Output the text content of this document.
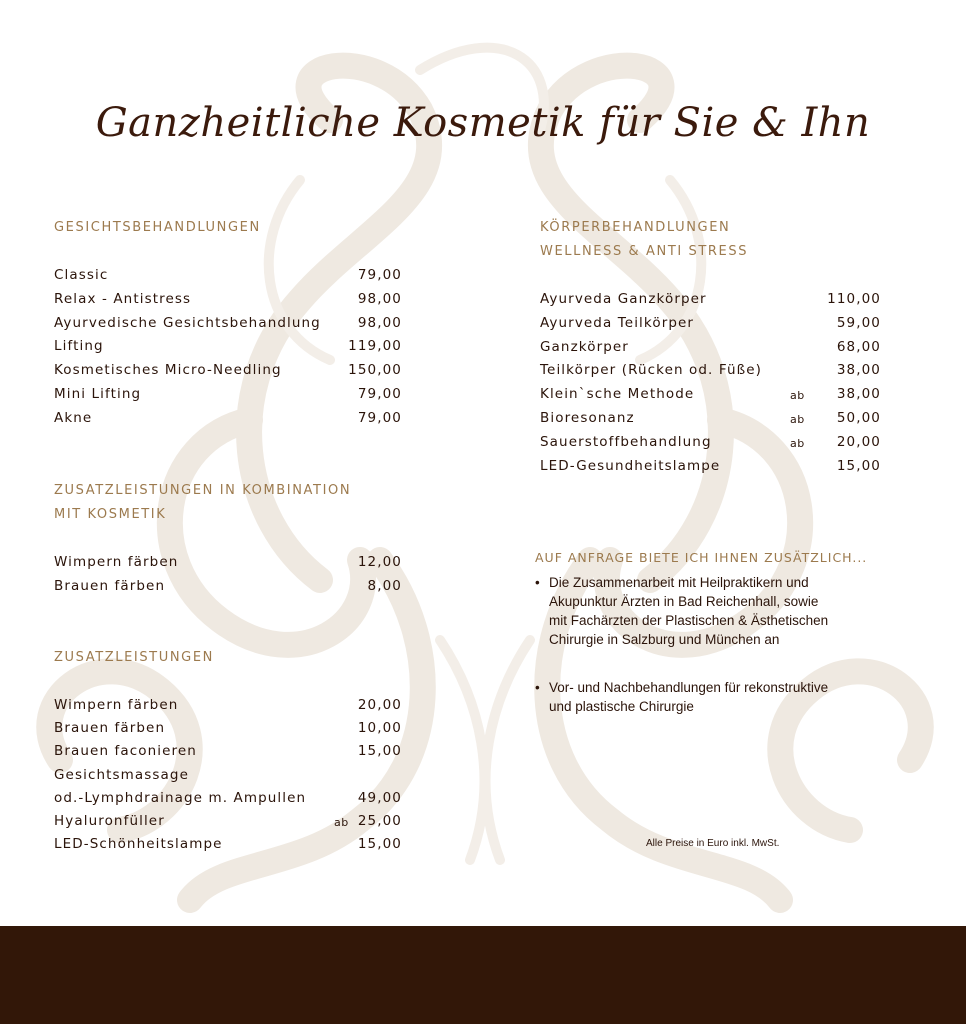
Ganzheitliche Kosmetik für Sie & Ihn
GESICHTSBEHANDLUNGEN
Classic	79,00
Relax - Antistress	98,00
Ayurvedische Gesichtsbehandlung	98,00
Lifting	119,00
Kosmetisches Micro-Needling	150,00
Mini Lifting	79,00
Akne	79,00
ZUSATZLEISTUNGEN IN KOMBINATION
MIT KOSMETIK
Wimpern färben	12,00
Brauen färben	8,00
ZUSATZLEISTUNGEN
Wimpern färben	20,00
Brauen färben	10,00
Brauen faconieren	15,00
Gesichtsmassage
od.-Lymphdrainage m. Ampullen	49,00
Hyaluronfüller	ab 25,00
LED-Schönheitslampe	15,00
KÖRPERBEHANDLUNGEN
WELLNESS & ANTI STRESS
Ayurveda Ganzkörper	110,00
Ayurveda Teilkörper	59,00
Ganzkörper	68,00
Teilkörper (Rücken od. Füße)	38,00
Klein`sche Methode	ab	38,00
Bioresonanz	ab	50,00
Sauerstoffbehandlung	ab	20,00
LED-Gesundheitslampe	15,00
AUF ANFRAGE BIETE ICH IHNEN ZUSÄTZLICH...
• Die Zusammenarbeit mit Heilpraktikern und
Akupunktur Ärzten in Bad Reichenhall, sowie
mit Fachärzten der Plastischen & Ästhetischen
Chirurgie in Salzburg und München an
• Vor- und Nachbehandlungen für rekonstruktive
und plastische Chirurgie
Alle Preise in Euro inkl. MwSt.
